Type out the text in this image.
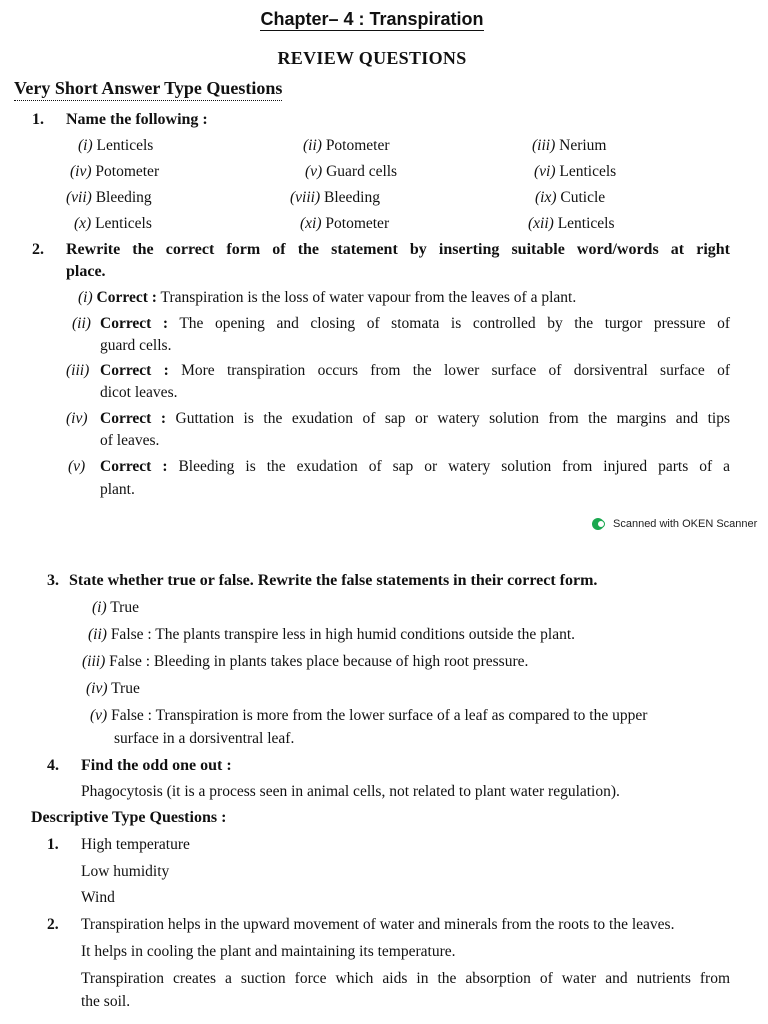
Chapter– 4 : Transpiration
REVIEW QUESTIONS
Very Short Answer Type Questions
1. Name the following :
(i) Lenticels	(ii) Potometer	(iii) Nerium
(iv) Potometer	(v) Guard cells	(vi) Lenticels
(vii) Bleeding	(viii) Bleeding	(ix) Cuticle
(x) Lenticels	(xi) Potometer	(xii) Lenticels
2. Rewrite the correct form of the statement by inserting suitable word/words at right
place.
(i) Correct : Transpiration is the loss of water vapour from the leaves of a plant.
(ii) Correct : The opening and closing of stomata is controlled by the turgor pressure of
guard cells.
(iii) Correct : More transpiration occurs from the lower surface of dorsiventral surface of
dicot leaves.
(iv) Correct : Guttation is the exudation of sap or watery solution from the margins and tips
of leaves.
(v) Correct : Bleeding is the exudation of sap or watery solution from injured parts of a
plant.
Scanned with OKEN Scanner
3. State whether true or false. Rewrite the false statements in their correct form.
(i) True
(ii) False : The plants transpire less in high humid conditions outside the plant.
(iii) False : Bleeding in plants takes place because of high root pressure.
(iv) True
(v) False : Transpiration is more from the lower surface of a leaf as compared to the upper
surface in a dorsiventral leaf.
4. Find the odd one out :
Phagocytosis (it is a process seen in animal cells, not related to plant water regulation).
Descriptive Type Questions :
1. High temperature
Low humidity
Wind
2. Transpiration helps in the upward movement of water and minerals from the roots to the leaves.
It helps in cooling the plant and maintaining its temperature.
Transpiration creates a suction force which aids in the absorption of water and nutrients from
the soil.
